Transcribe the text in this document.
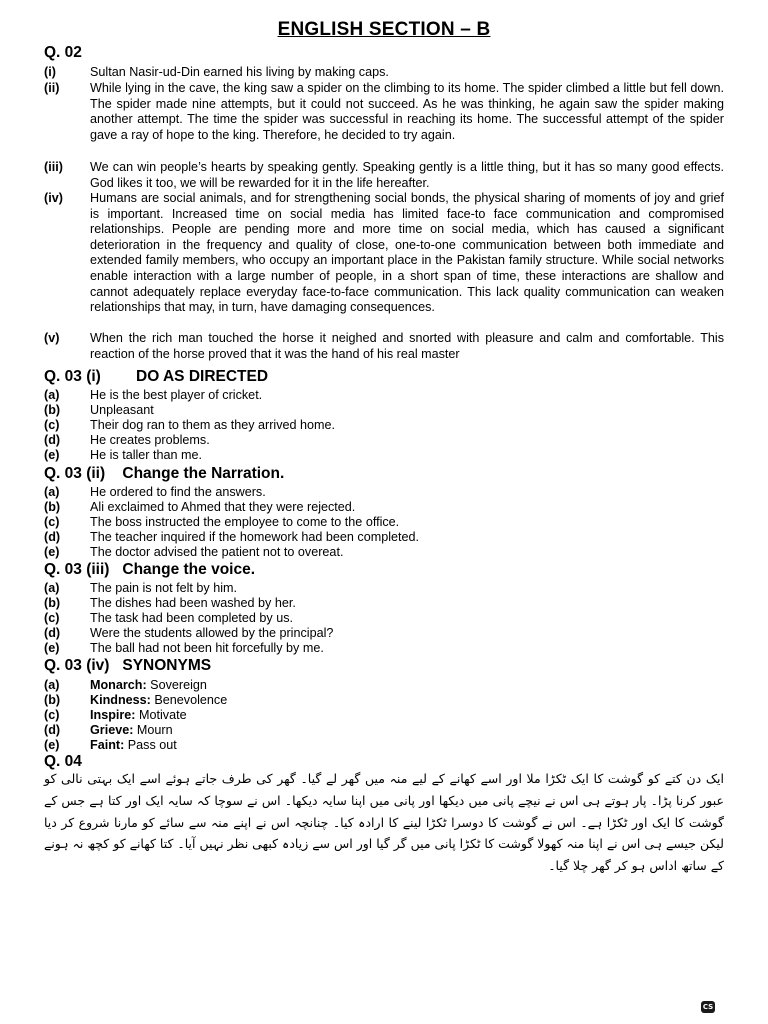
ENGLISH SECTION – B
Q. 02
(i)	Sultan Nasir-ud-Din earned his living by making caps.
(ii) While lying in the cave, the king saw a spider on the climbing to its home. The spider climbed a little but fell down. The spider made nine attempts, but it could not succeed. As he was thinking, he again saw the spider making another attempt. The time the spider was successful in reaching its home. The successful attempt of the spider gave a ray of hope to the king. Therefore, he decided to try again.
(iii) We can win people’s hearts by speaking gently. Speaking gently is a little thing, but it has so many good effects. God likes it too, we will be rewarded for it in the life hereafter.
(iv) Humans are social animals, and for strengthening social bonds, the physical sharing of moments of joy and grief is important. Increased time on social media has limited face-to face communication and compromised relationships. People are pending more and more time on social media, which has caused a significant deterioration in the frequency and quality of close, one-to-one communication between both immediate and extended family members, who occupy an important place in the Pakistan family structure. While social networks enable interaction with a large number of people, in a short span of time, these interactions are shallow and cannot adequately replace everyday face-to-face communication. This lack quality communication can weaken relationships that may, in turn, have damaging consequences.
(v) When the rich man touched the horse it neighed and snorted with pleasure and calm and comfortable. This reaction of the horse proved that it was the hand of his real master
Q. 03 (i) DO AS DIRECTED
(a) He is the best player of cricket.
(b) Unpleasant
(c) Their dog ran to them as they arrived home.
(d) He creates problems.
(e) He is taller than me.
Q. 03 (ii)    Change the Narration.
(a) He ordered to find the answers.
(b) Ali exclaimed to Ahmed that they were rejected.
(c) The boss instructed the employee to come to the office.
(d) The teacher inquired if the homework had been completed.
(e) The doctor advised the patient not to overeat.
Q. 03 (iii)   Change the voice.
(a) The pain is not felt by him.
(b) The dishes had been washed by her.
(c) The task had been completed by us.
(d) Were the students allowed by the principal?
(e) The ball had not been hit forcefully by me.
Q. 03 (iv)   SYNONYMS
(a) Monarch: Sovereign
(b) Kindness: Benevolence
(c) Inspire: Motivate
(d) Grieve: Mourn
(e) Faint: Pass out
Q. 04
ایک دن کتے کو گوشت کا ایک ٹکڑا ملا اور اسے کھانے کے لیے منہ میں گھر لے گیا۔ گھر کی طرف جاتے ہوئے اسے ایک بہتی نالی کو عبور کرنا پڑا۔ پار ہوتے ہی اس نے نیچے پانی میں دیکھا اور پانی میں اپنا سایہ دیکھا۔ اس نے سوچا کہ سایہ ایک اور کتا ہے جس کے گوشت کا ایک اور ٹکڑا ہے۔ اس نے گوشت کا دوسرا ٹکڑا لینے کا ارادہ کیا۔ چنانچہ اس نے اپنے منہ سے سائے کو مارنا شروع کر دیا لیکن جیسے ہی اس نے اپنا منہ کھولا گوشت کا ٹکڑا پانی میں گر گیا اور اس سے زیادہ کبھی نظر نہیں آیا۔ کتا کھانے کو کچھ نہ ہونے کے ساتھ اداس ہو کر گھر چلا گیا۔
CS
